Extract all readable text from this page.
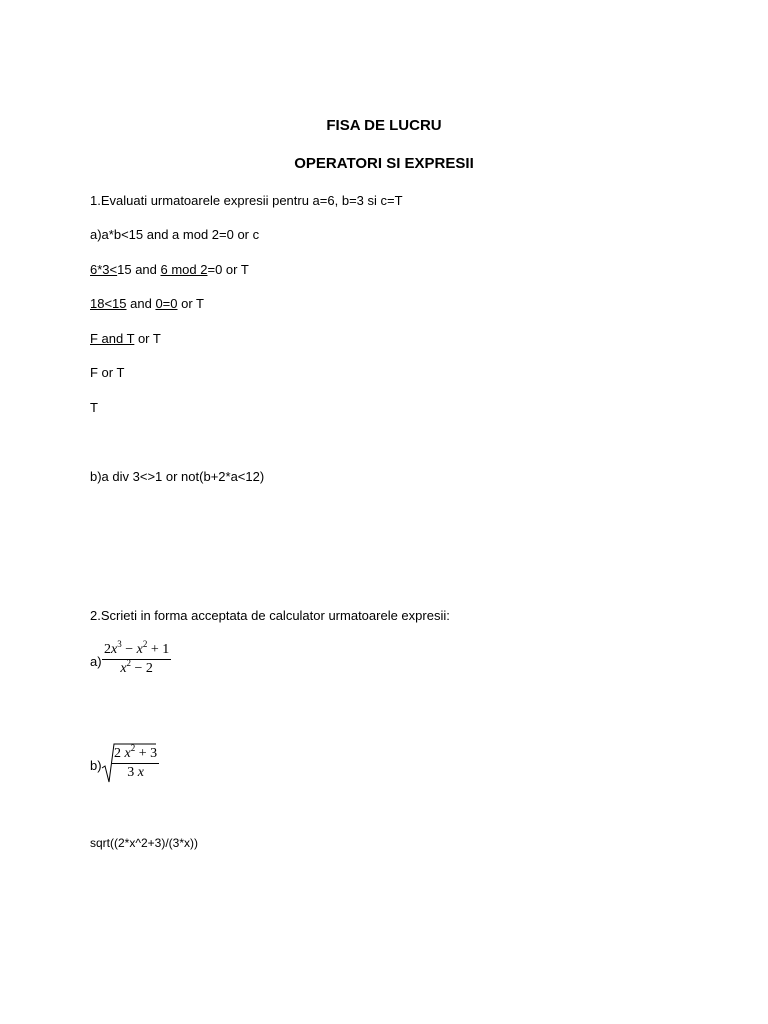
FISA DE LUCRU
OPERATORI SI EXPRESII
1.Evaluati urmatoarele expresii pentru a=6, b=3 si c=T
a)a*b<15 and a mod 2=0 or c
6*3<15 and 6 mod 2=0 or T
18<15 and 0=0 or T
F and T or T
F or T
T
b)a div 3<>1 or not(b+2*a<12)
2.Scrieti in forma acceptata de calculator urmatoarele expresii:
$a) \frac{2x^3 - x^2 + 1}{x^2 - 2}$
$b) \frac{2 x^2 + 3}{3 x}$
sqrt((2*x^2+3)/(3*x))
